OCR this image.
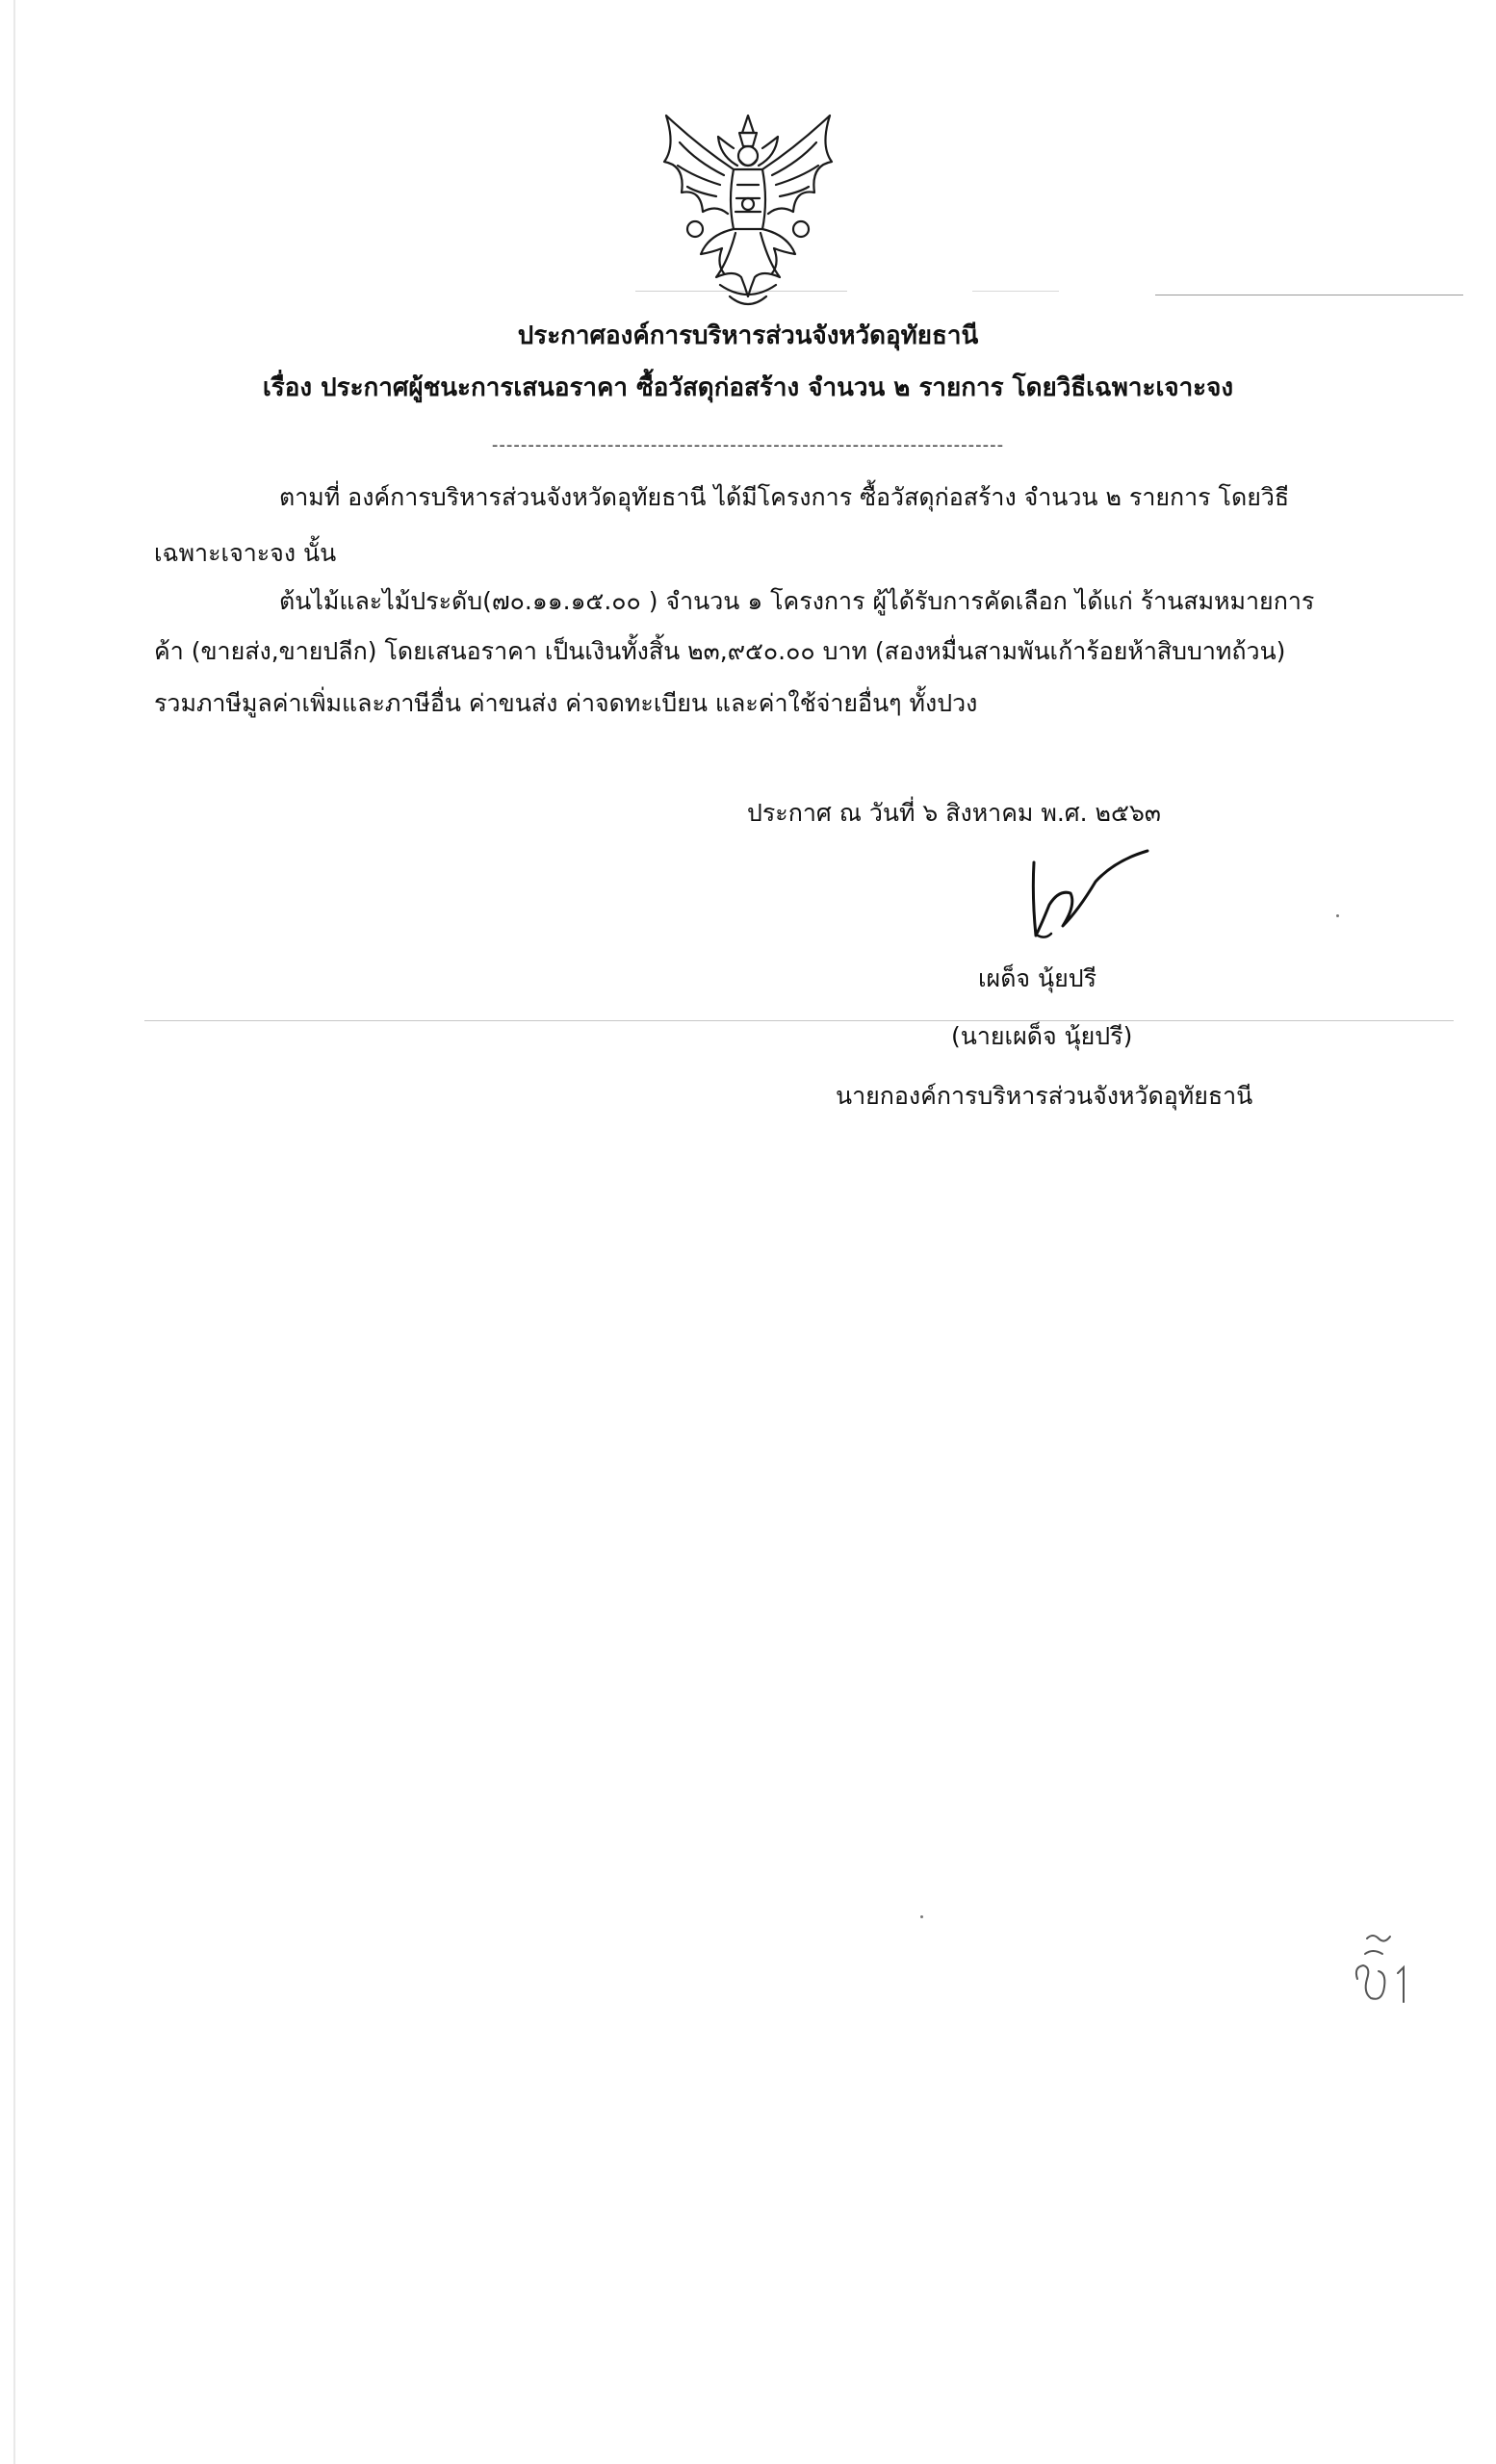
ประกาศองค์การบริหารส่วนจังหวัดอุทัยธานี
เรื่อง ประกาศผู้ชนะการเสนอราคา ซื้อวัสดุก่อสร้าง จำนวน ๒ รายการ โดยวิธีเฉพาะเจาะจง
-----------------------------------------------------------------------
ตามที่ องค์การบริหารส่วนจังหวัดอุทัยธานี ได้มีโครงการ ซื้อวัสดุก่อสร้าง จำนวน ๒ รายการ โดยวิธี
เฉพาะเจาะจง นั้น
ต้นไม้และไม้ประดับ(๗๐.๑๑.๑๕.๐๐ ) จำนวน ๑ โครงการ ผู้ได้รับการคัดเลือก ได้แก่ ร้านสมหมายการ
ค้า (ขายส่ง,ขายปลีก) โดยเสนอราคา เป็นเงินทั้งสิ้น ๒๓,๙๕๐.๐๐ บาท (สองหมื่นสามพันเก้าร้อยห้าสิบบาทถ้วน)
รวมภาษีมูลค่าเพิ่มและภาษีอื่น ค่าขนส่ง ค่าจดทะเบียน และค่าใช้จ่ายอื่นๆ ทั้งปวง
ประกาศ ณ วันที่ ๖ สิงหาคม พ.ศ. ๒๕๖๓
เผด็จ นุ้ยปรี
(นายเผด็จ นุ้ยปรี)
นายกองค์การบริหารส่วนจังหวัดอุทัยธานี
